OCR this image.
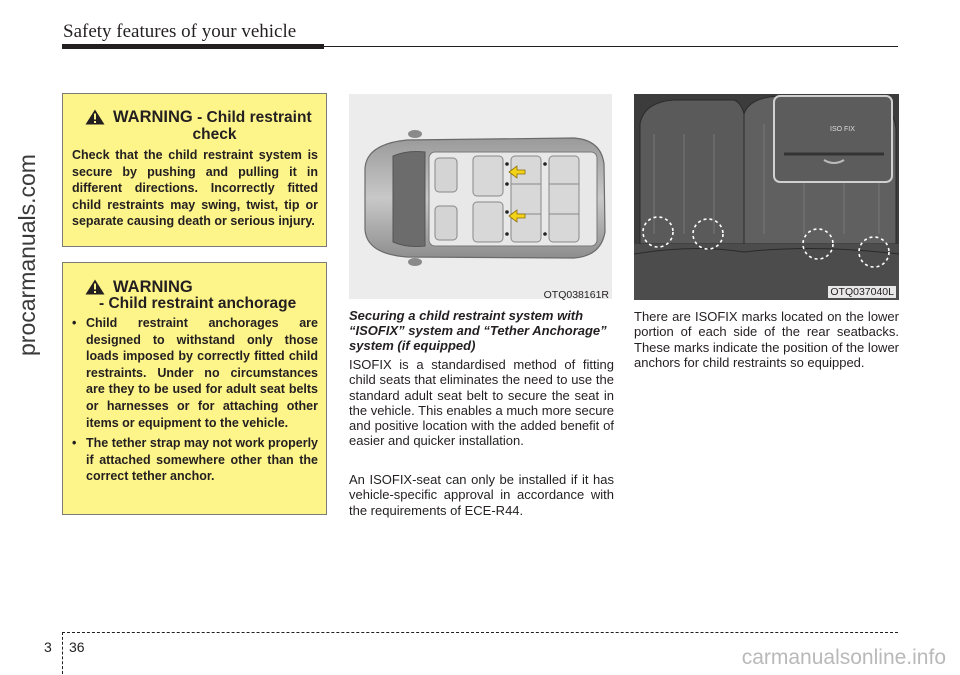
Safety features of your vehicle
procarmanuals.com
carmanualsonline.info
WARNING - Child restraint
check

Check that the child restraint system is secure by pushing and pulling it in different directions. Incorrectly fitted child restraints may swing, twist, tip or separate causing death or serious injury.

WARNING
- Child restraint anchorage
• Child restraint anchorages are designed to withstand only those loads imposed by correctly fitted child restraints. Under no circumstances are they to be used for adult seat belts or harnesses or for attaching other items or equipment to the vehicle.
• The tether strap may not work properly if attached somewhere other than the correct tether anchor.
OTQ038161R
ISO FIX
OTQ037040L
Securing a child restraint system with “ISOFIX” system and “Tether Anchorage” system (if equipped)

ISOFIX is a standardised method of fitting child seats that eliminates the need to use the standard adult seat belt to secure the seat in the vehicle. This enables a much more secure and positive location with the added benefit of easier and quicker installation.

An ISOFIX-seat can only be installed if it has vehicle-specific approval in accordance with the requirements of ECE-R44.

There are ISOFIX marks located on the lower portion of each side of the rear seatbacks. These marks indicate the position of the lower anchors for child restraints so equipped.

3 36
